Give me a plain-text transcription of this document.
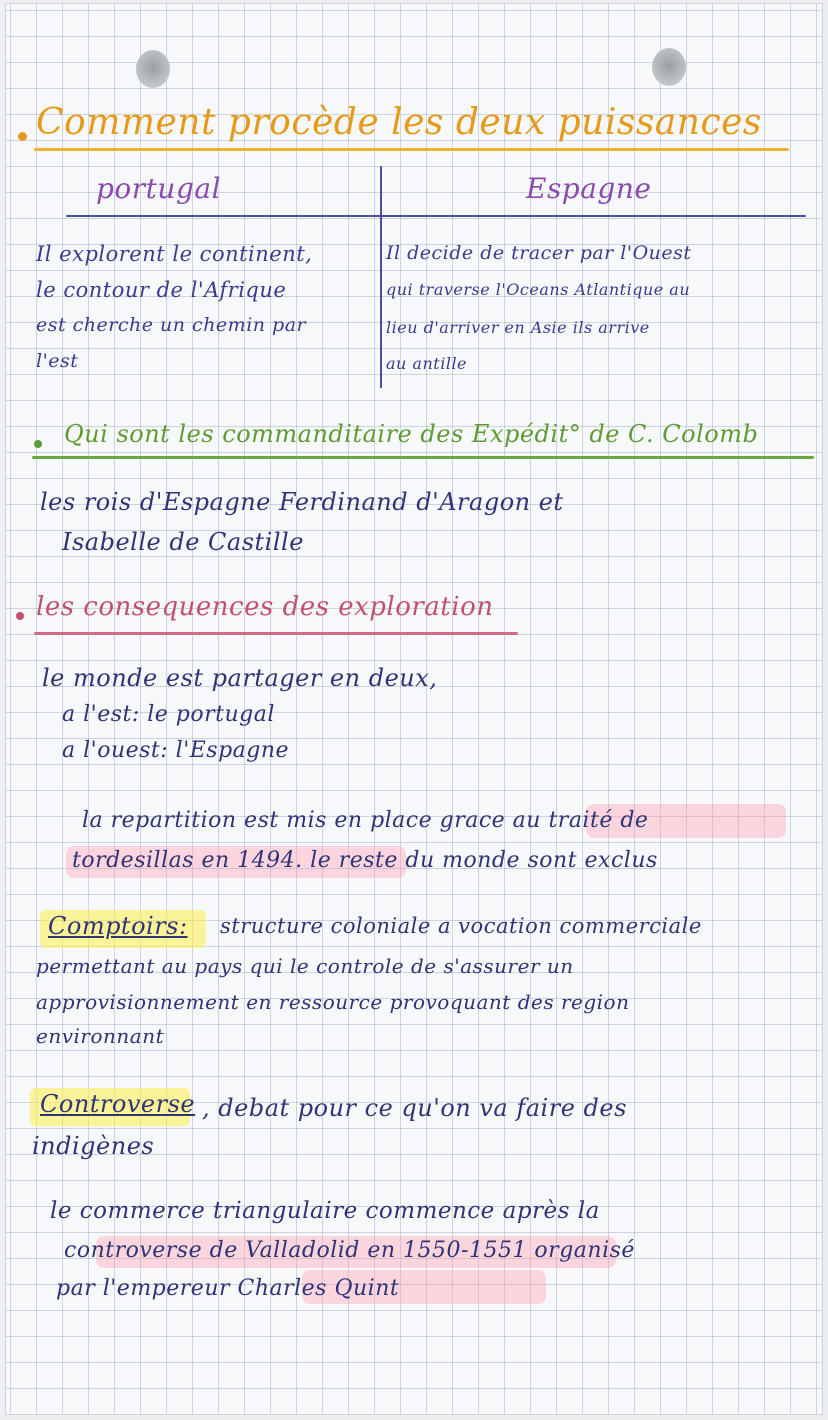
Comment procède les deux puissances
portugal	Espagne
Il explorent le continent,
le contour de l'Afrique
est cherche un chemin par
l'est
Il decide de tracer par l'Ouest
qui traverse l'Oceans Atlantique au
lieu d'arriver en Asie ils arrive
au antille
Qui sont les commanditaire des Expédit° de C. Colomb
les rois d'Espagne Ferdinand d'Aragon et
Isabelle de Castille
les consequences des exploration
le monde est partager en deux,
a l'est: le portugal
a l'ouest: l'Espagne
la repartition est mis en place grace au traité de
tordesillas en 1494. le reste du monde sont exclus
Comptoirs: structure coloniale a vocation commerciale
permettant au pays qui le controle de s'assurer un
approvisionnement en ressource provoquant des region
environnant
Controverse , debat pour ce qu'on va faire des
indigènes
le commerce triangulaire commence après la
controverse de Valladolid en 1550-1551 organisé
par l'empereur Charles Quint
